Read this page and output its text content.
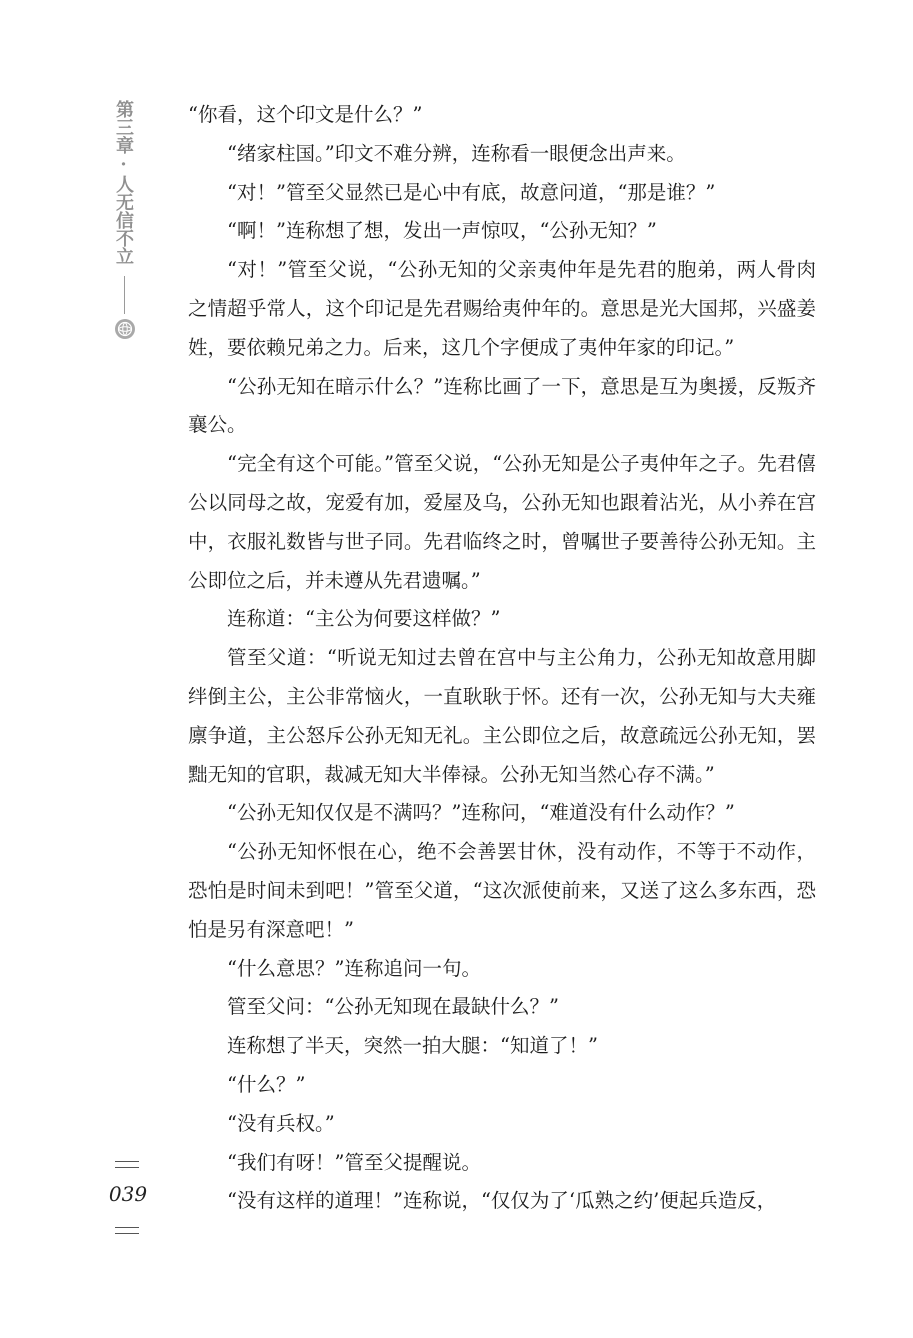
第三章·人无信不立
039

“你看，这个印文是什么？”

“绪家柱国。”印文不难分辨，连称看一眼便念出声来。

“对！”管至父显然已是心中有底，故意问道，“那是谁？”

“啊！”连称想了想，发出一声惊叹，“公孙无知？”

“对！”管至父说，“公孙无知的父亲夷仲年是先君的胞弟，两人骨肉之情超乎常人，这个印记是先君赐给夷仲年的。意思是光大国邦，兴盛姜姓，要依赖兄弟之力。后来，这几个字便成了夷仲年家的印记。”

“公孙无知在暗示什么？”连称比画了一下，意思是互为奥援，反叛齐襄公。

“完全有这个可能。”管至父说，“公孙无知是公子夷仲年之子。先君僖公以同母之故，宠爱有加，爱屋及乌，公孙无知也跟着沾光，从小养在宫中，衣服礼数皆与世子同。先君临终之时，曾嘱世子要善待公孙无知。主公即位之后，并未遵从先君遗嘱。”

连称道：“主公为何要这样做？”

管至父道：“听说无知过去曾在宫中与主公角力，公孙无知故意用脚绊倒主公，主公非常恼火，一直耿耿于怀。还有一次，公孙无知与大夫雍廪争道，主公怒斥公孙无知无礼。主公即位之后，故意疏远公孙无知，罢黜无知的官职，裁减无知大半俸禄。公孙无知当然心存不满。”

“公孙无知仅仅是不满吗？”连称问，“难道没有什么动作？”

“公孙无知怀恨在心，绝不会善罢甘休，没有动作，不等于不动作，恐怕是时间未到吧！”管至父道，“这次派使前来，又送了这么多东西，恐怕是另有深意吧！”

“什么意思？”连称追问一句。

管至父问：“公孙无知现在最缺什么？”

连称想了半天，突然一拍大腿：“知道了！”

“什么？”

“没有兵权。”

“我们有呀！”管至父提醒说。

“没有这样的道理！”连称说，“仅仅为了‘瓜熟之约’便起兵造反，
